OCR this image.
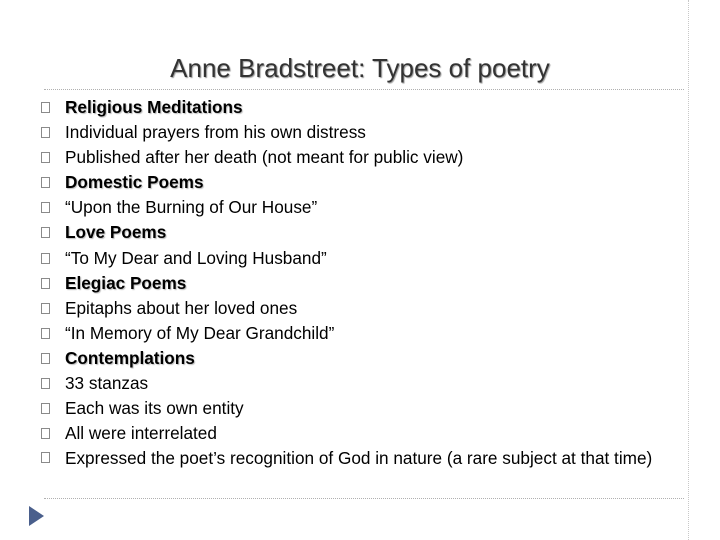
Anne Bradstreet: Types of poetry
Religious Meditations
Individual prayers from his own distress
Published after her death (not meant for public view)
Domestic Poems
“Upon the Burning of Our House”
Love Poems
“To My Dear and Loving Husband”
Elegiac Poems
Epitaphs about her loved ones
“In Memory of My Dear Grandchild”
Contemplations
33 stanzas
Each was its own entity
All were interrelated
Expressed the poet’s recognition of God in nature (a rare subject at that time)
